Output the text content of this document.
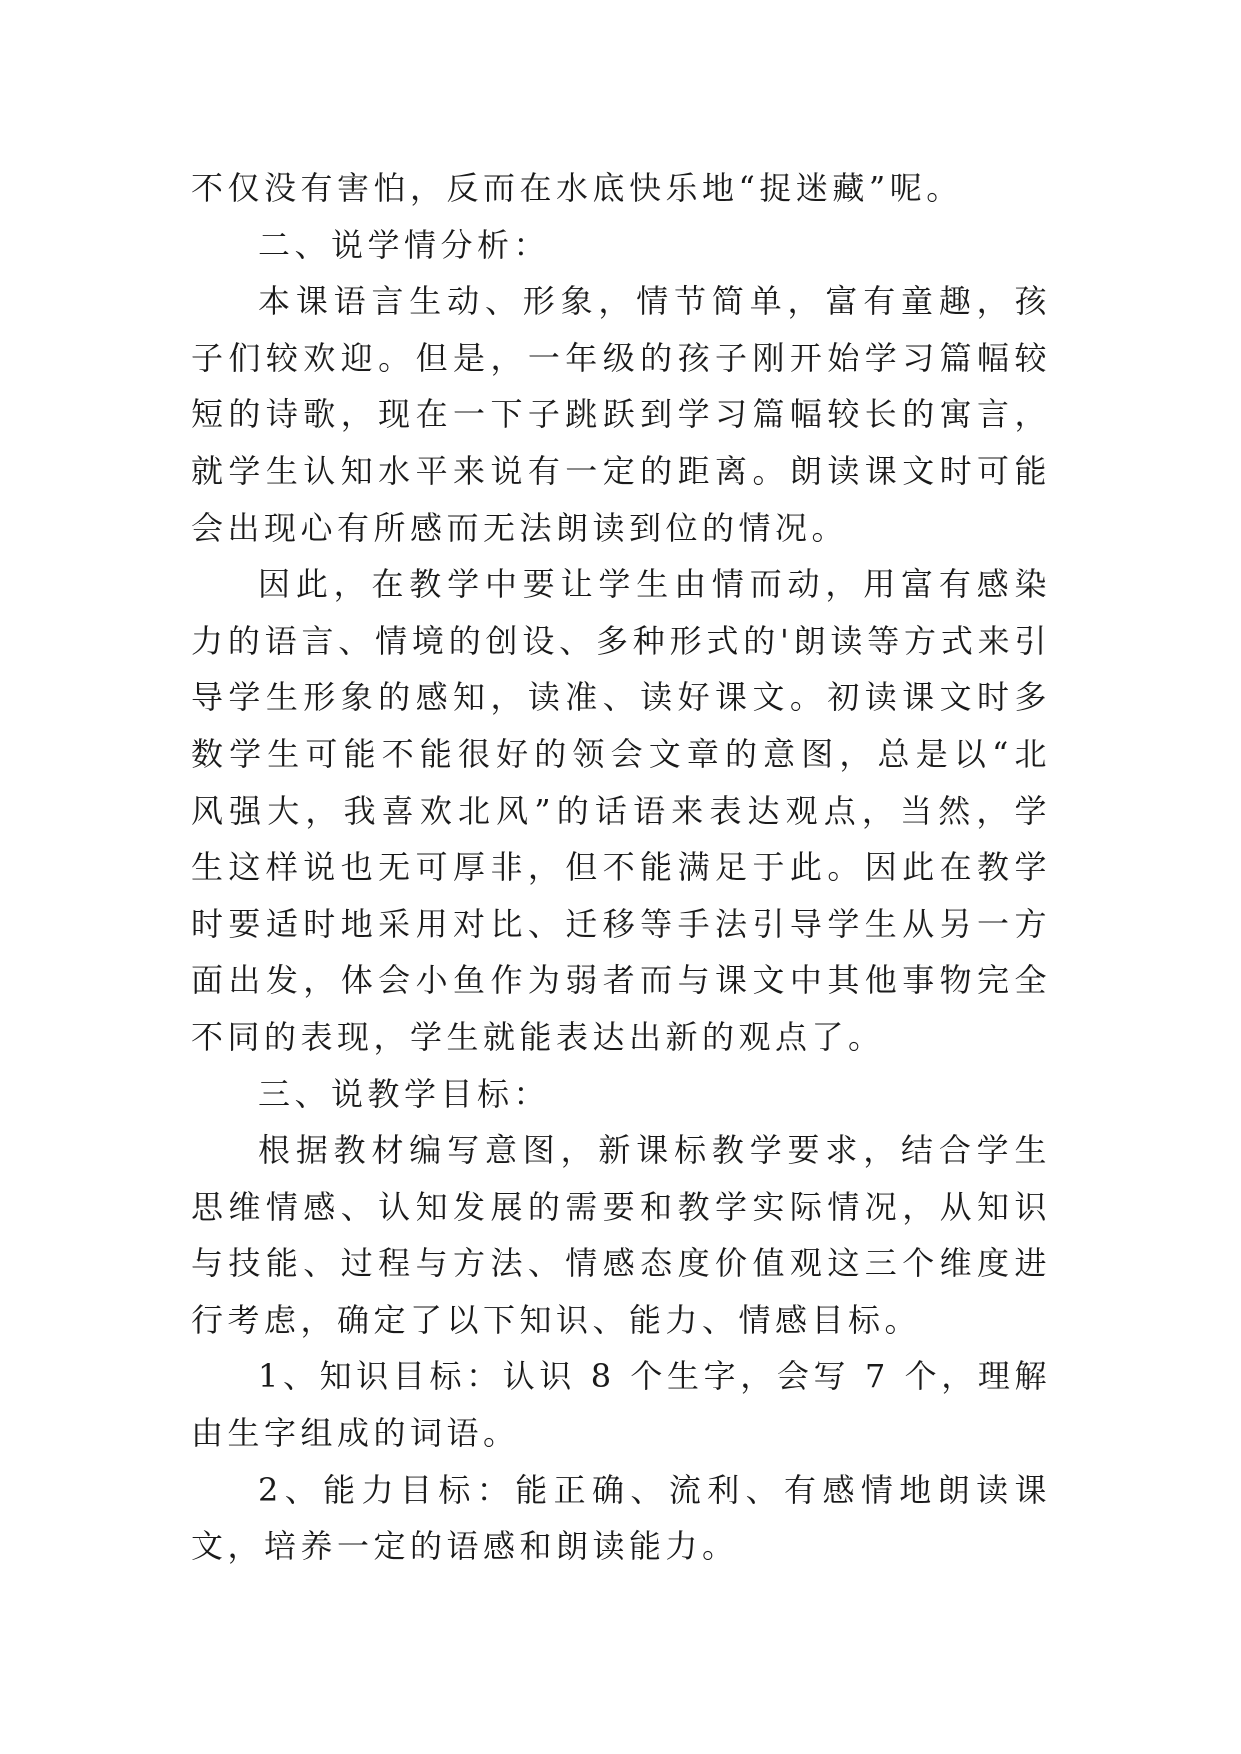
不仅没有害怕，反而在水底快乐地“捉迷藏”呢。

二、说学情分析：

本课语言生动、形象，情节简单，富有童趣，孩子们较欢迎。但是，一年级的孩子刚开始学习篇幅较短的诗歌，现在一下子跳跃到学习篇幅较长的寓言，就学生认知水平来说有一定的距离。朗读课文时可能会出现心有所感而无法朗读到位的情况。

因此，在教学中要让学生由情而动，用富有感染力的语言、情境的创设、多种形式的'朗读等方式来引导学生形象的感知，读准、读好课文。初读课文时多数学生可能不能很好的领会文章的意图，总是以“北风强大，我喜欢北风”的话语来表达观点，当然，学生这样说也无可厚非，但不能满足于此。因此在教学时要适时地采用对比、迁移等手法引导学生从另一方面出发，体会小鱼作为弱者而与课文中其他事物完全不同的表现，学生就能表达出新的观点了。

三、说教学目标：

根据教材编写意图，新课标教学要求，结合学生思维情感、认知发展的需要和教学实际情况，从知识与技能、过程与方法、情感态度价值观这三个维度进行考虑，确定了以下知识、能力、情感目标。

1、知识目标：认识 8 个生字，会写 7 个，理解由生字组成的词语。

2、能力目标：能正确、流利、有感情地朗读课文，培养一定的语感和朗读能力。
